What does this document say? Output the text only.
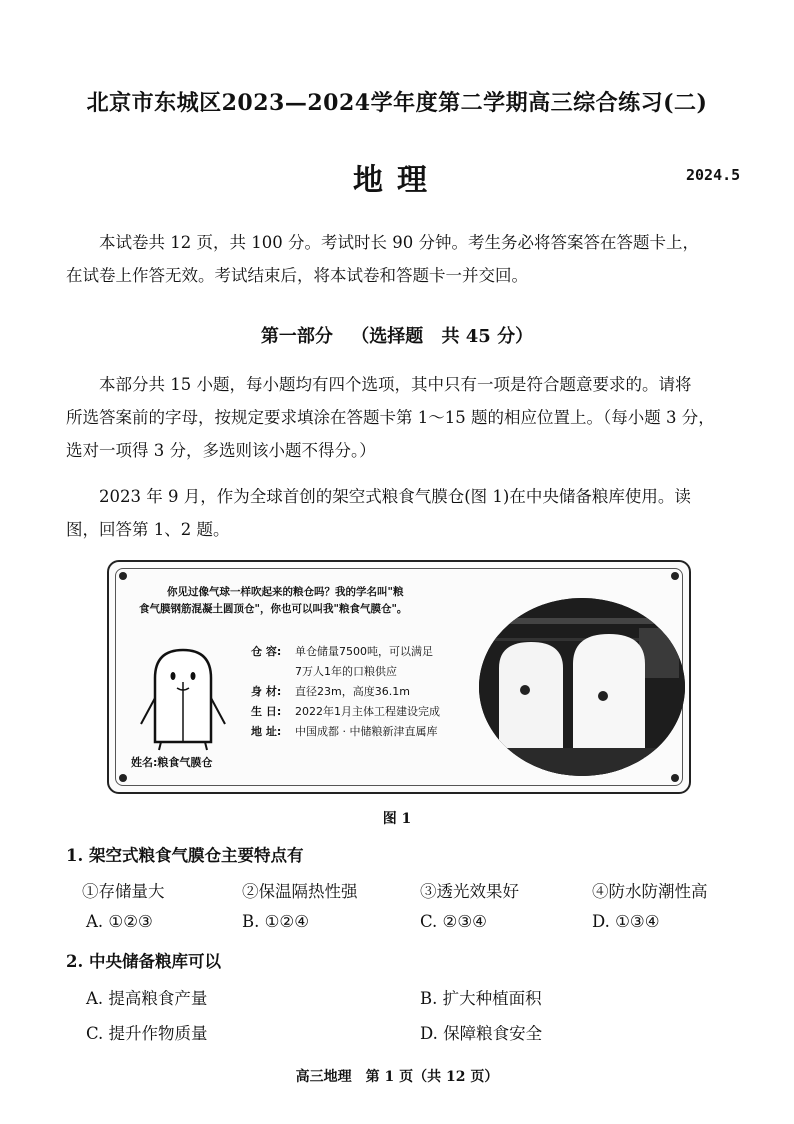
北京市东城区2023—2024学年度第二学期高三综合练习(二)
地理	2024.5
本试卷共 12 页，共 100 分。考试时长 90 分钟。考生务必将答案答在答题卡上，
在试卷上作答无效。考试结束后，将本试卷和答题卡一并交回。
第一部分 （选择题 共 45 分）
本部分共 15 小题，每小题均有四个选项，其中只有一项是符合题意要求的。请将
所选答案前的字母，按规定要求填涂在答题卡第 1～15 题的相应位置上。（每小题 3 分，
选对一项得 3 分，多选则该小题不得分。）
2023 年 9 月，作为全球首创的架空式粮食气膜仓(图 1)在中央储备粮库使用。读
图，回答第 1、2 题。
你见过像气球一样吹起来的粮仓吗？我的学名叫"粮
食气膜钢筋混凝土圆顶仓"，你也可以叫我"粮食气膜仓"。
仓 容: 单仓储量7500吨，可以满足
7万人1年的口粮供应
身 材: 直径23m，高度36.1m
生 日: 2022年1月主体工程建设完成
地 址: 中国成都 · 中储粮新津直属库
姓名:粮食气膜仓
图 1
1. 架空式粮食气膜仓主要特点有
①存储量大	②保温隔热性强	③透光效果好	④防水防潮性高
A. ①②③	B. ①②④	C. ②③④	D. ①③④
2. 中央储备粮库可以
A. 提高粮食产量	B. 扩大种植面积
C. 提升作物质量	D. 保障粮食安全
高三地理　第 1 页（共 12 页）
